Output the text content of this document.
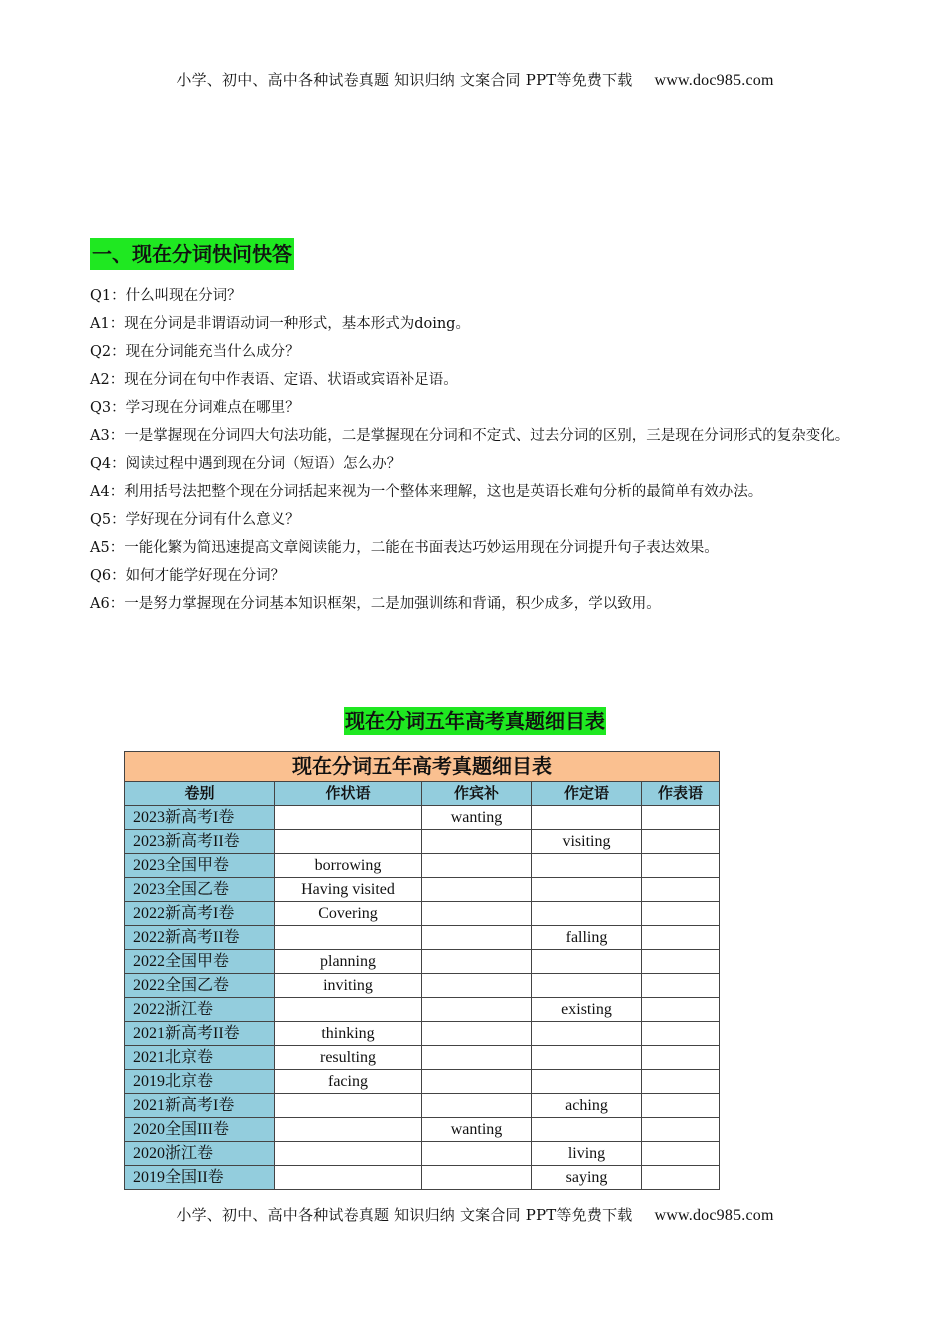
小学、初中、高中各种试卷真题 知识归纳 文案合同 PPT等免费下载 www.doc985.com
一、现在分词快问快答

Q1：什么叫现在分词？

A1：现在分词是非谓语动词一种形式，基本形式为doing。

Q2：现在分词能充当什么成分？

A2：现在分词在句中作表语、定语、状语或宾语补足语。

Q3：学习现在分词难点在哪里？

A3：一是掌握现在分词四大句法功能，二是掌握现在分词和不定式、过去分词的区别，三是现在分词形式的复杂变化。

Q4：阅读过程中遇到现在分词（短语）怎么办？

A4：利用括号法把整个现在分词括起来视为一个整体来理解，这也是英语长难句分析的最简单有效办法。

Q5：学好现在分词有什么意义？

A5：一能化繁为简迅速提高文章阅读能力，二能在书面表达巧妙运用现在分词提升句子表达效果。

Q6：如何才能学好现在分词？

A6：一是努力掌握现在分词基本知识框架，二是加强训练和背诵，积少成多，学以致用。

现在分词五年高考真题细目表
现在分词五年高考真题细目表				
卷别	作状语	作宾补	作定语	作表语
2023新高考I卷		wanting		
2023新高考II卷			visiting	
2023全国甲卷	borrowing			
2023全国乙卷	Having visited			
2022新高考I卷	Covering			
2022新高考II卷			falling	
2022全国甲卷	planning			
2022全国乙卷	inviting			
2022浙江卷			existing	
2021新高考II卷	thinking			
2021北京卷	resulting			
2019北京卷	facing			
2021新高考I卷			aching	
2020全国III卷		wanting		
2020浙江卷			living	
2019全国II卷			saying	
小学、初中、高中各种试卷真题 知识归纳 文案合同 PPT等免费下载 www.doc985.com
